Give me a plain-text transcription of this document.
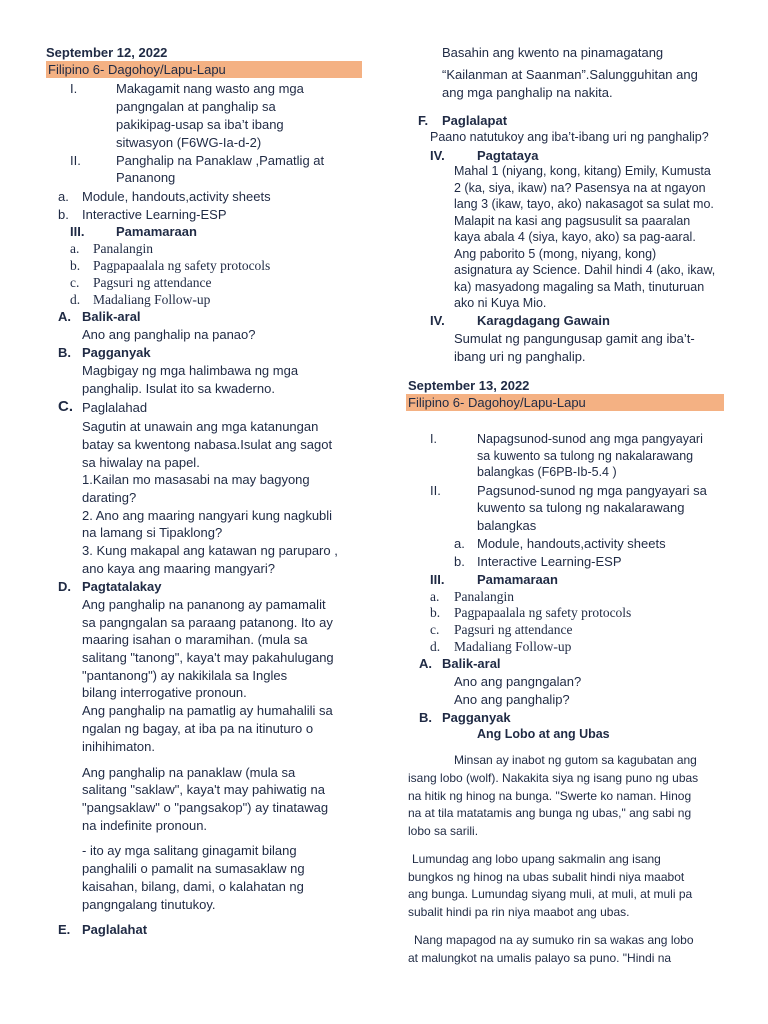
September 12, 2022
Filipino 6- Dagohoy/Lapu-Lapu
I.	Makagamit nang wasto ang mga
pangngalan at panghalip sa
pakikipag-usap sa iba’t ibang
sitwasyon (F6WG-Ia-d-2)
II.	Panghalip na Panaklaw ,Pamatlig at
Pananong
a. Module, handouts,activity sheets
b. Interactive Learning-ESP
III. Pamamaraan
a. Panalangin
b. Pagpapaalala ng safety protocols
c. Pagsuri ng attendance
d. Madaliang Follow-up
A. Balik-aral
Ano ang panghalip na panao?
B. Pagganyak
Magbigay ng mga halimbawa ng mga
panghalip. Isulat ito sa kwaderno.
C. Paglalahad
Sagutin at unawain ang mga katanungan
batay sa kwentong nabasa.Isulat ang sagot
sa hiwalay na papel.
1.Kailan mo masasabi na may bagyong
darating?
2. Ano ang maaring nangyari kung nagkubli
na lamang si Tipaklong?
3. Kung makapal ang katawan ng paruparo ,
ano kaya ang maaring mangyari?
D. Pagtatalakay
Ang panghalip na pananong ay pamamalit
sa pangngalan sa paraang patanong. Ito ay
maaring isahan o maramihan. (mula sa
salitang "tanong", kaya't may pakahulugang
"pantanong") ay nakikilala sa Ingles
bilang interrogative pronoun.
Ang panghalip na pamatlig ay humahalili sa
ngalan ng bagay, at iba pa na itinuturo o
inihihimaton.
Ang panghalip na panaklaw (mula sa
salitang "saklaw", kaya't may pahiwatig na
"pangsaklaw" o "pangsakop") ay tinatawag
na indefinite pronoun.
- ito ay mga salitang ginagamit bilang
panghalili o pamalit na sumasaklaw ng
kaisahan, bilang, dami, o kalahatan ng
pangngalang tinutukoy.
E. Paglalahat
Basahin ang kwento na pinamagatang
“Kailanman at Saanman”.Salungguhitan ang
ang mga panghalip na nakita.
F. Paglalapat
Paano natutukoy ang iba’t-ibang uri ng panghalip?
IV. Pagtataya
Mahal 1 (niyang, kong, kitang) Emily, Kumusta
2 (ka, siya, ikaw) na? Pasensya na at ngayon
lang 3 (ikaw, tayo, ako) nakasagot sa sulat mo.
Malapit na kasi ang pagsusulit sa paaralan
kaya abala 4 (siya, kayo, ako) sa pag-aaral.
Ang paborito 5 (mong, niyang, kong)
asignatura ay Science. Dahil hindi 4 (ako, ikaw,
ka) masyadong magaling sa Math, tinuturuan
ako ni Kuya Mio.
IV. Karagdagang Gawain
Sumulat ng pangungusap gamit ang iba’t-
ibang uri ng panghalip.
September 13, 2022
Filipino 6- Dagohoy/Lapu-Lapu
I.	Napagsunod-sunod ang mga pangyayari
sa kuwento sa tulong ng nakalarawang
balangkas (F6PB-Ib-5.4 )
II.	Pagsunod-sunod ng mga pangyayari sa
kuwento sa tulong ng nakalarawang
balangkas
a. Module, handouts,activity sheets
b. Interactive Learning-ESP
III.	Pamamaraan
a. Panalangin
b. Pagpapaalala ng safety protocols
c. Pagsuri ng attendance
d. Madaliang Follow-up
A. Balik-aral
Ano ang pangngalan?
Ano ang panghalip?
B. Pagganyak
Ang Lobo at ang Ubas
Minsan ay inabot ng gutom sa kagubatan ang
isang lobo (wolf). Nakakita siya ng isang puno ng ubas
na hitik ng hinog na bunga. "Swerte ko naman. Hinog
na at tila matatamis ang bunga ng ubas," ang sabi ng
lobo sa sarili.
Lumundag ang lobo upang sakmalin ang isang
bungkos ng hinog na ubas subalit hindi niya maabot
ang bunga. Lumundag siyang muli, at muli, at muli pa
subalit hindi pa rin niya maabot ang ubas.
Nang mapagod na ay sumuko rin sa wakas ang lobo
at malungkot na umalis palayo sa puno. "Hindi na
